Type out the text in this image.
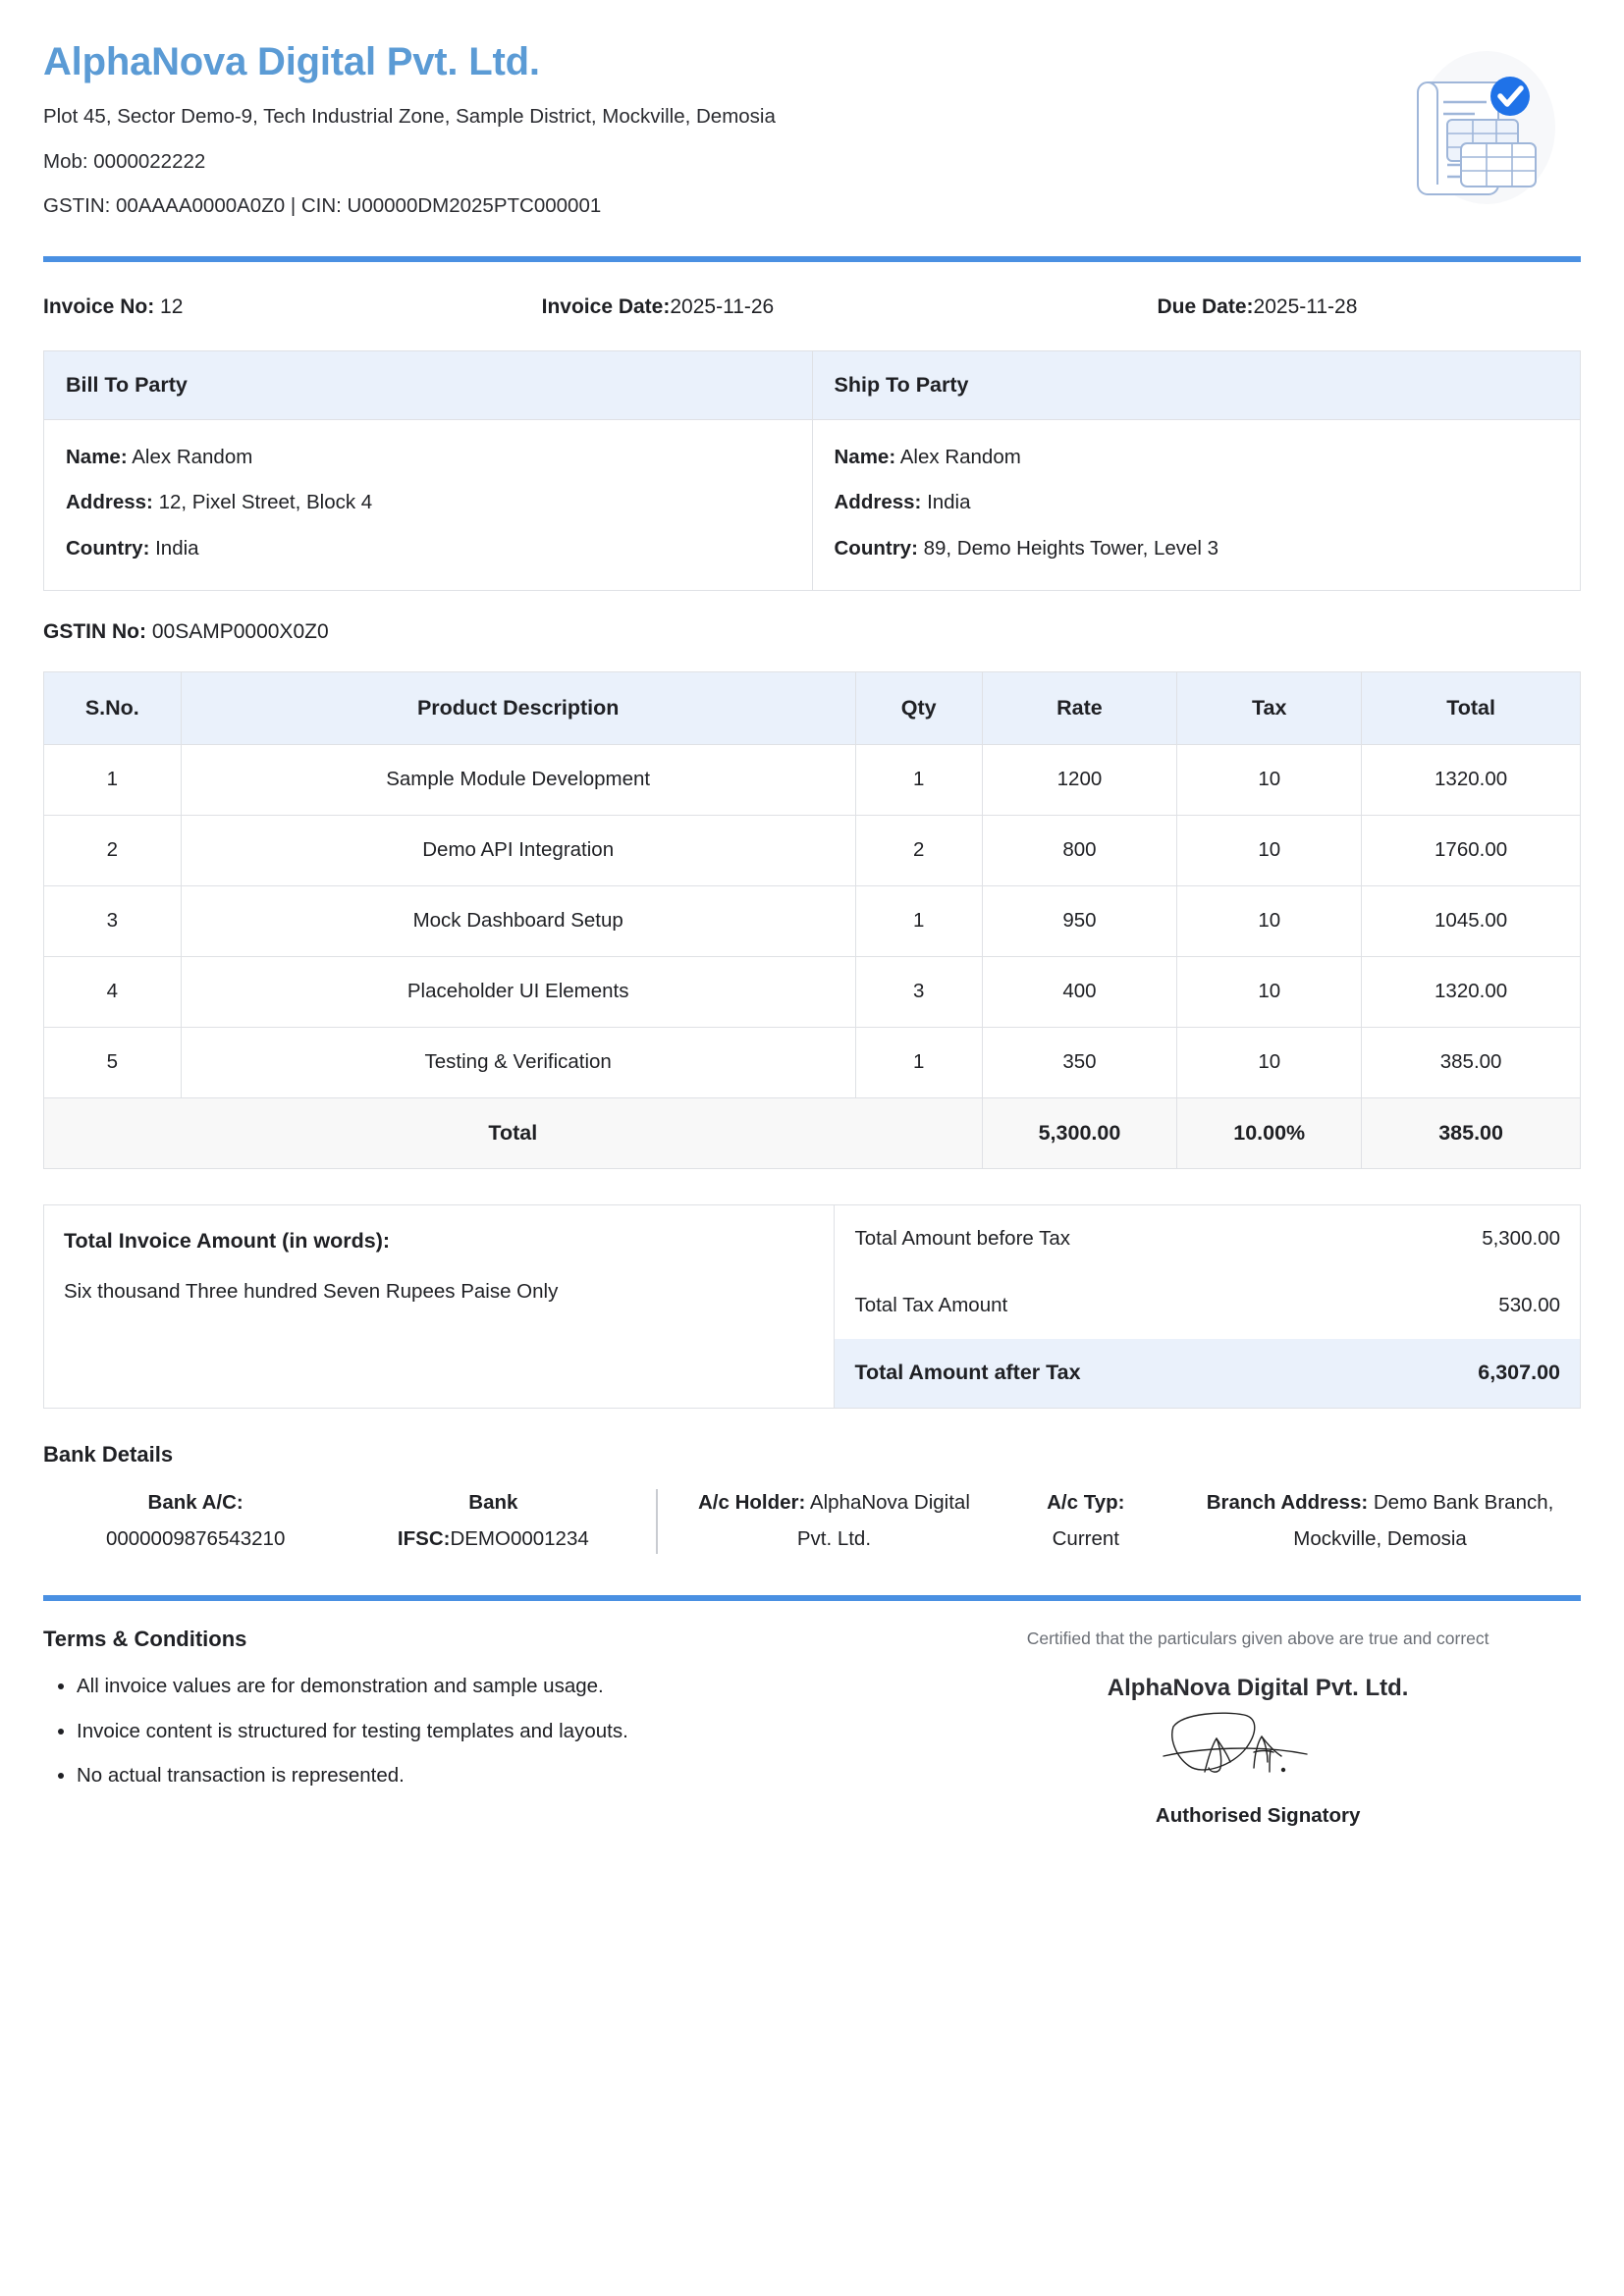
AlphaNova Digital Pvt. Ltd.
Plot 45, Sector Demo-9, Tech Industrial Zone, Sample District, Mockville, Demosia
Mob: 0000022222
GSTIN: 00AAAA0000A0Z0 | CIN: U00000DM2025PTC000001
Invoice No: 12	Invoice Date:2025-11-26	Due Date:2025-11-28
Bill To Party	Ship To Party

Name: Alex Random
Address: 12, Pixel Street, Block 4
Country: India

Name: Alex Random
Address: India
Country: 89, Demo Heights Tower, Level 3
GSTIN No: 00SAMP0000X0Z0
S.No.	Product Description	Qty	Rate	Tax	Total
1	Sample Module Development	1	1200	10	1320.00
2	Demo API Integration	2	800	10	1760.00
3	Mock Dashboard Setup	1	950	10	1045.00
4	Placeholder UI Elements	3	400	10	1320.00
5	Testing & Verification	1	350	10	385.00
Total			5,300.00	10.00%	385.00
Total Invoice Amount (in words):
Six thousand Three hundred Seven Rupees Paise Only
Total Amount before Tax	5,300.00
Total Tax Amount	530.00
Total Amount after Tax	6,307.00
Bank Details
Bank A/C:
0000009876543210
Bank
IFSC:DEMO0001234
A/c Holder: AlphaNova Digital
Pvt. Ltd.
A/c Typ:
Current
Branch Address: Demo Bank Branch,
Mockville, Demosia
Terms & Conditions
• All invoice values are for demonstration and sample usage.
• Invoice content is structured for testing templates and layouts.
• No actual transaction is represented.
Certified that the particulars given above are true and correct
AlphaNova Digital Pvt. Ltd.
Authorised Signatory
